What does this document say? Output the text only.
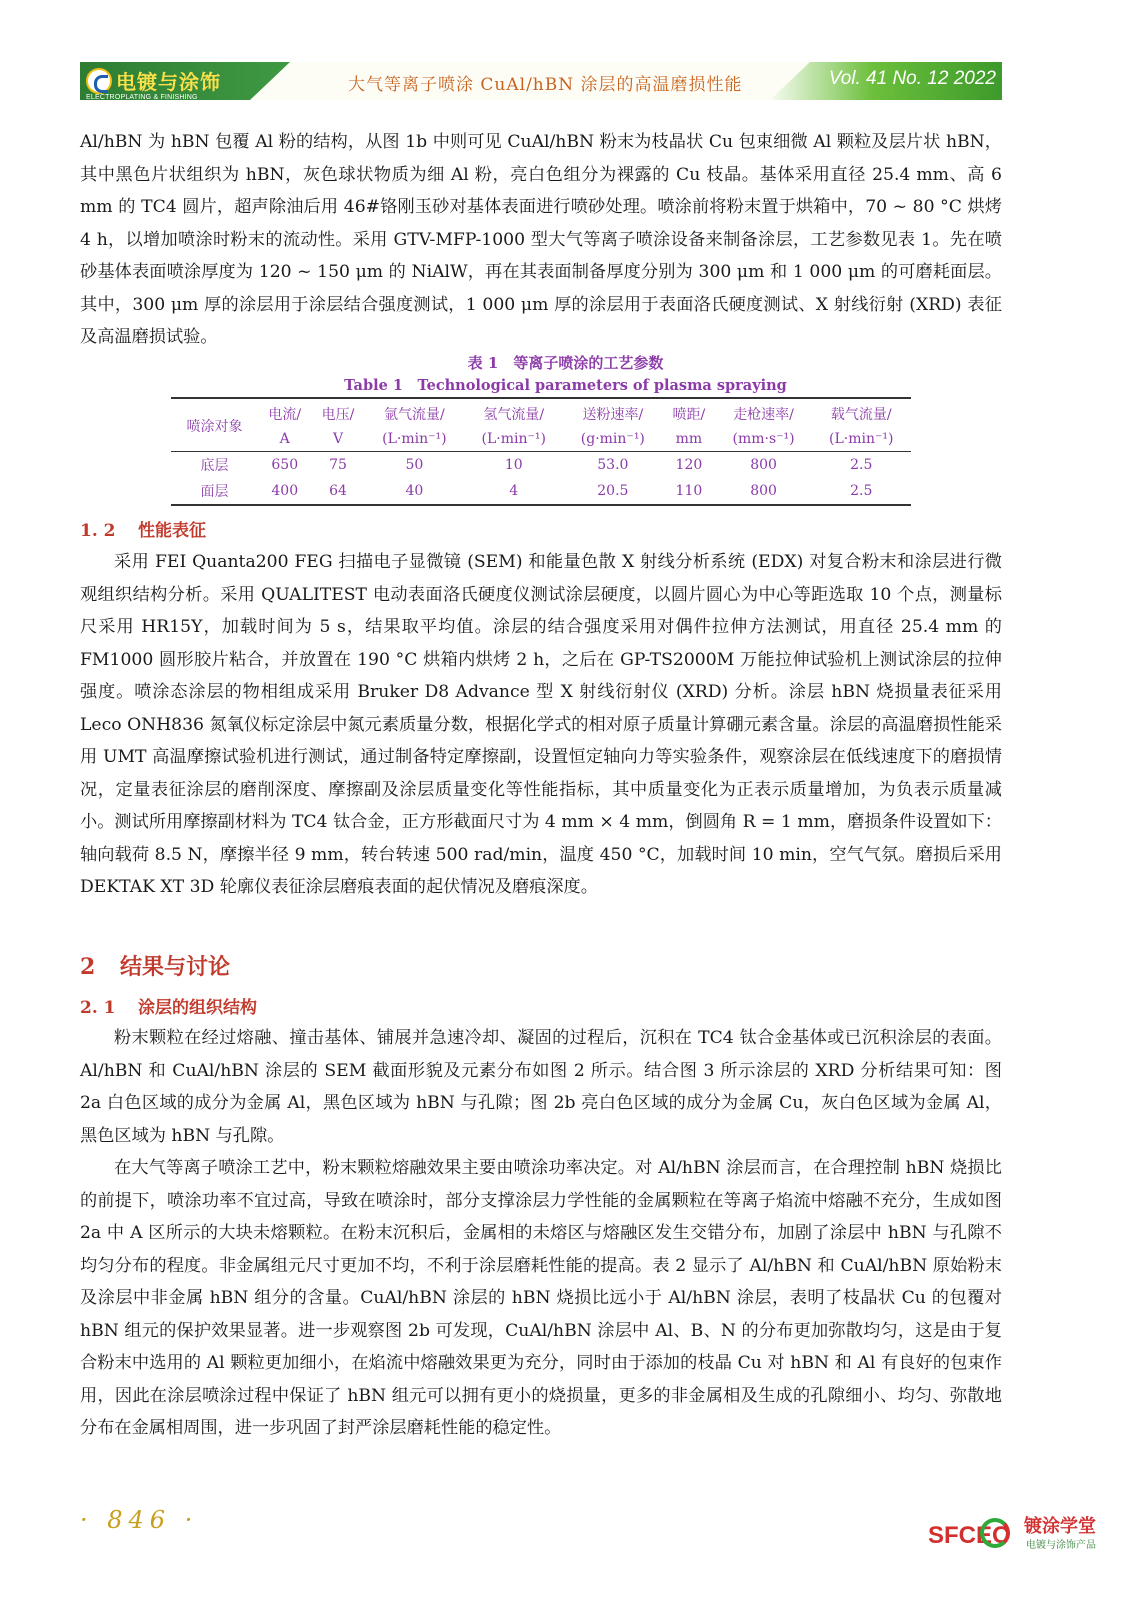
电镀与涂饰
ELECTROPLATING & FINISHING
大气等离子喷涂 CuAl/hBN 涂层的高温磨损性能	Vol. 41 No. 12 2022

Al/hBN 为 hBN 包覆 Al 粉的结构，从图 1b 中则可见 CuAl/hBN 粉末为枝晶状 Cu 包束细微 Al 颗粒及层片状 hBN，其中黑色片状组织为 hBN，灰色球状物质为细 Al 粉，亮白色组分为裸露的 Cu 枝晶。基体采用直径 25.4 mm、高 6 mm 的 TC4 圆片，超声除油后用 46#铬刚玉砂对基体表面进行喷砂处理。喷涂前将粉末置于烘箱中，70 ~ 80 °C 烘烤 4 h，以增加喷涂时粉末的流动性。采用 GTV-MFP-1000 型大气等离子喷涂设备来制备涂层，工艺参数见表 1。先在喷砂基体表面喷涂厚度为 120 ~ 150 μm 的 NiAlW，再在其表面制备厚度分别为 300 μm 和 1 000 μm 的可磨耗面层。其中，300 μm 厚的涂层用于涂层结合强度测试，1 000 μm 厚的涂层用于表面洛氏硬度测试、X 射线衍射 (XRD) 表征及高温磨损试验。

表 1　等离子喷涂的工艺参数
Table 1　Technological parameters of plasma spraying
喷涂对象	电流/	电压/	氩气流量/	氢气流量/	送粉速率/	喷距/	走枪速率/	载气流量/
	A	V	(L·min⁻¹)	(L·min⁻¹)	(g·min⁻¹)	mm	(mm·s⁻¹)	(L·min⁻¹)
底层	650	75	50	10	53.0	120	800	2.5
面层	400	64	40	4	20.5	110	800	2.5
1. 2 性能表征

采用 FEI Quanta200 FEG 扫描电子显微镜 (SEM) 和能量色散 X 射线分析系统 (EDX) 对复合粉末和涂层进行微观组织结构分析。采用 QUALITEST 电动表面洛氏硬度仪测试涂层硬度，以圆片圆心为中心等距选取 10 个点，测量标尺采用 HR15Y，加载时间为 5 s，结果取平均值。涂层的结合强度采用对偶件拉伸方法测试，用直径 25.4 mm 的 FM1000 圆形胶片粘合，并放置在 190 °C 烘箱内烘烤 2 h，之后在 GP-TS2000M 万能拉伸试验机上测试涂层的拉伸强度。喷涂态涂层的物相组成采用 Bruker D8 Advance 型 X 射线衍射仪 (XRD) 分析。涂层 hBN 烧损量表征采用 Leco ONH836 氮氧仪标定涂层中氮元素质量分数，根据化学式的相对原子质量计算硼元素含量。涂层的高温磨损性能采用 UMT 高温摩擦试验机进行测试，通过制备特定摩擦副，设置恒定轴向力等实验条件，观察涂层在低线速度下的磨损情况，定量表征涂层的磨削深度、摩擦副及涂层质量变化等性能指标，其中质量变化为正表示质量增加，为负表示质量减小。测试所用摩擦副材料为 TC4 钛合金，正方形截面尺寸为 4 mm × 4 mm，倒圆角 R = 1 mm，磨损条件设置如下：轴向载荷 8.5 N，摩擦半径 9 mm，转台转速 500 rad/min，温度 450 °C，加载时间 10 min，空气气氛。磨损后采用 DEKTAK XT 3D 轮廓仪表征涂层磨痕表面的起伏情况及磨痕深度。

2 结果与讨论
2. 1 涂层的组织结构

粉末颗粒在经过熔融、撞击基体、铺展并急速冷却、凝固的过程后，沉积在 TC4 钛合金基体或已沉积涂层的表面。Al/hBN 和 CuAl/hBN 涂层的 SEM 截面形貌及元素分布如图 2 所示。结合图 3 所示涂层的 XRD 分析结果可知：图 2a 白色区域的成分为金属 Al，黑色区域为 hBN 与孔隙；图 2b 亮白色区域的成分为金属 Cu，灰白色区域为金属 Al，黑色区域为 hBN 与孔隙。

在大气等离子喷涂工艺中，粉末颗粒熔融效果主要由喷涂功率决定。对 Al/hBN 涂层而言，在合理控制 hBN 烧损比的前提下，喷涂功率不宜过高，导致在喷涂时，部分支撑涂层力学性能的金属颗粒在等离子焰流中熔融不充分，生成如图 2a 中 A 区所示的大块未熔颗粒。在粉末沉积后，金属相的未熔区与熔融区发生交错分布，加剧了涂层中 hBN 与孔隙不均匀分布的程度。非金属组元尺寸更加不均，不利于涂层磨耗性能的提高。表 2 显示了 Al/hBN 和 CuAl/hBN 原始粉末及涂层中非金属 hBN 组分的含量。CuAl/hBN 涂层的 hBN 烧损比远小于 Al/hBN 涂层，表明了枝晶状 Cu 的包覆对 hBN 组元的保护效果显著。进一步观察图 2b 可发现，CuAl/hBN 涂层中 Al、B、N 的分布更加弥散均匀，这是由于复合粉末中选用的 Al 颗粒更加细小，在焰流中熔融效果更为充分，同时由于添加的枝晶 Cu 对 hBN 和 Al 有良好的包束作用，因此在涂层喷涂过程中保证了 hBN 组元可以拥有更小的烧损量，更多的非金属相及生成的孔隙细小、均匀、弥散地分布在金属相周围，进一步巩固了封严涂层磨耗性能的稳定性。

· 846 ·
SFCEO 镀涂学堂
电镀与涂饰产品
